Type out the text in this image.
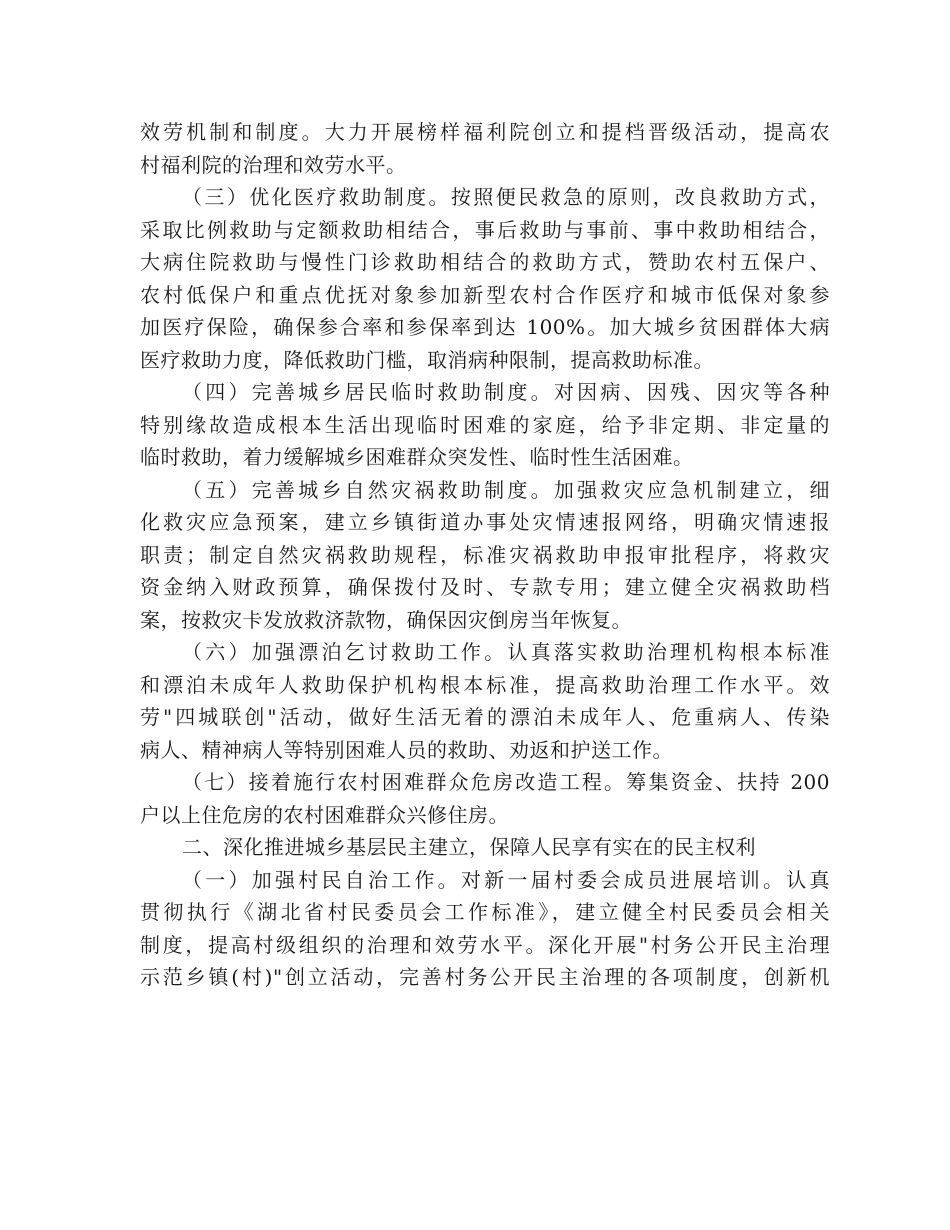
效劳机制和制度。大力开展榜样福利院创立和提档晋级活动，提高农
村福利院的治理和效劳水平。
（三）优化医疗救助制度。按照便民救急的原则，改良救助方式，
采取比例救助与定额救助相结合，事后救助与事前、事中救助相结合，
大病住院救助与慢性门诊救助相结合的救助方式，赞助农村五保户、
农村低保户和重点优抚对象参加新型农村合作医疗和城市低保对象参
加医疗保险，确保参合率和参保率到达 100%。加大城乡贫困群体大病
医疗救助力度，降低救助门槛，取消病种限制，提高救助标准。
（四）完善城乡居民临时救助制度。对因病、因残、因灾等各种
特别缘故造成根本生活出现临时困难的家庭，给予非定期、非定量的
临时救助，着力缓解城乡困难群众突发性、临时性生活困难。
（五）完善城乡自然灾祸救助制度。加强救灾应急机制建立，细
化救灾应急预案，建立乡镇街道办事处灾情速报网络，明确灾情速报
职责；制定自然灾祸救助规程，标准灾祸救助申报审批程序，将救灾
资金纳入财政预算，确保拨付及时、专款专用；建立健全灾祸救助档
案，按救灾卡发放救济款物，确保因灾倒房当年恢复。
（六）加强漂泊乞讨救助工作。认真落实救助治理机构根本标准
和漂泊未成年人救助保护机构根本标准，提高救助治理工作水平。效
劳"四城联创"活动，做好生活无着的漂泊未成年人、危重病人、传染
病人、精神病人等特别困难人员的救助、劝返和护送工作。
（七）接着施行农村困难群众危房改造工程。筹集资金、扶持 200
户以上住危房的农村困难群众兴修住房。
二、深化推进城乡基层民主建立，保障人民享有实在的民主权利
（一）加强村民自治工作。对新一届村委会成员进展培训。认真
贯彻执行《湖北省村民委员会工作标准》，建立健全村民委员会相关
制度，提高村级组织的治理和效劳水平。深化开展"村务公开民主治理
示范乡镇(村)"创立活动，完善村务公开民主治理的各项制度，创新机
